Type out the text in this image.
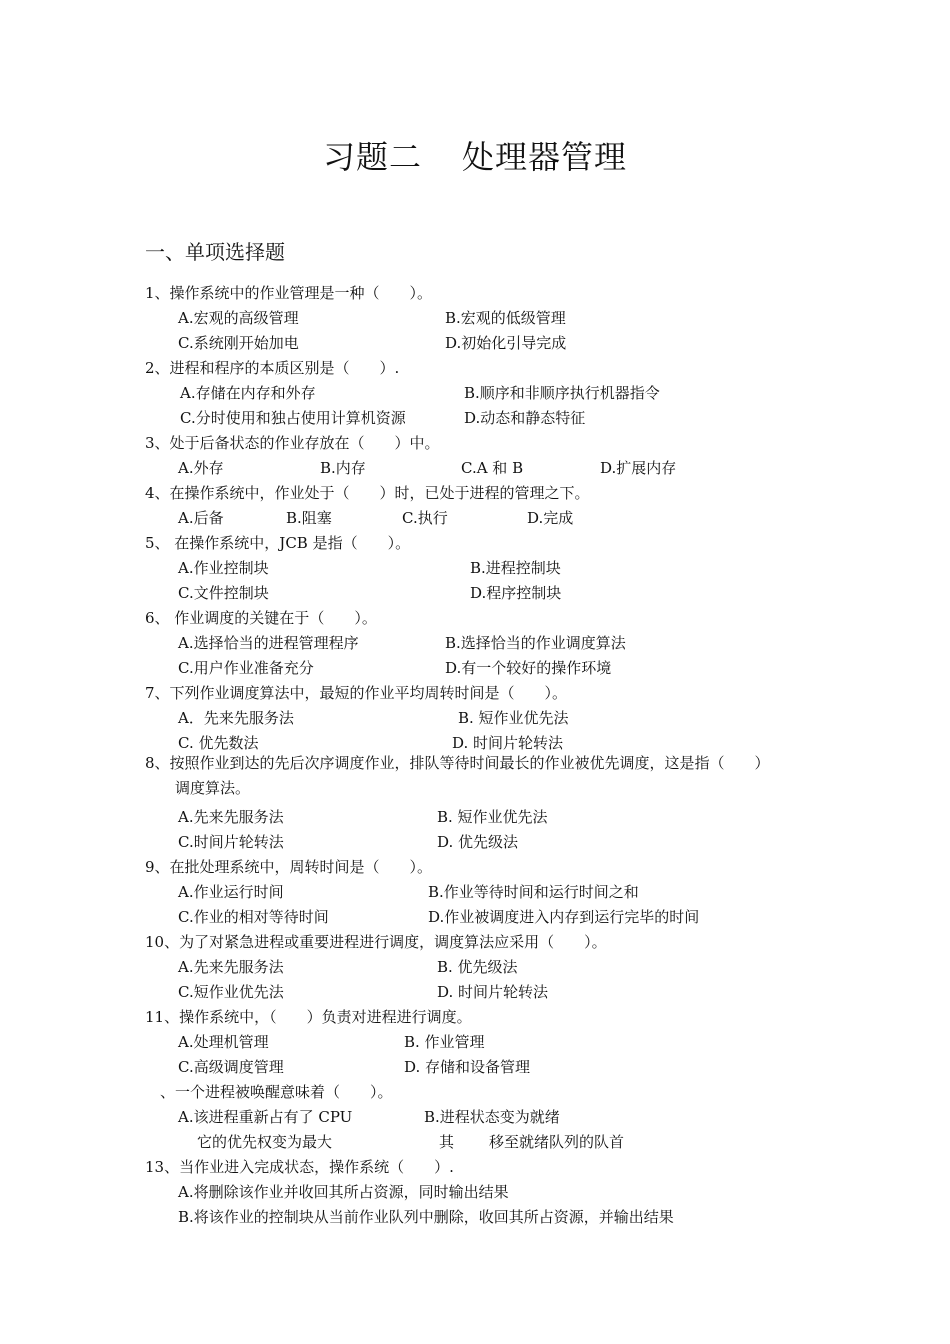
习题二 处理器管理
一、单项选择题
1、操作系统中的作业管理是一种（　　）。
A.宏观的高级管理	B.宏观的低级管理
C.系统刚开始加电	D.初始化引导完成
2、进程和程序的本质区别是（　　）.
A.存储在内存和外存	B.顺序和非顺序执行机器指令
C.分时使用和独占使用计算机资源	D.动态和静态特征
3、处于后备状态的作业存放在（　　）中。
A.外存	B.内存	C.A 和 B	D.扩展内存
4、在操作系统中，作业处于（　　）时，已处于进程的管理之下。
A.后备	B.阻塞	C.执行	D.完成
5、 在操作系统中，JCB 是指（　　）。
A.作业控制块	B.进程控制块
C.文件控制块	D.程序控制块
6、 作业调度的关键在于（　　）。
A.选择恰当的进程管理程序	B.选择恰当的作业调度算法
C.用户作业准备充分	D.有一个较好的操作环境
7、下列作业调度算法中，最短的作业平均周转时间是（　　）。
A．先来先服务法	B. 短作业优先法
C. 优先数法	D. 时间片轮转法
8、按照作业到达的先后次序调度作业，排队等待时间最长的作业被优先调度，这是指（　　）
调度算法。
A.先来先服务法	B. 短作业优先法
C.时间片轮转法	D. 优先级法
9、在批处理系统中，周转时间是（　　）。
A.作业运行时间	B.作业等待时间和运行时间之和
C.作业的相对等待时间	D.作业被调度进入内存到运行完毕的时间
10、为了对紧急进程或重要进程进行调度，调度算法应采用（　　）。
A.先来先服务法	B. 优先级法
C.短作业优先法	D. 时间片轮转法
11、操作系统中，（　　）负责对进程进行调度。
A.处理机管理	B. 作业管理
C.高级调度管理	D. 存储和设备管理
、一个进程被唤醒意味着（　　）。
A.该进程重新占有了 CPU	B.进程状态变为就绪
它的优先权变为最大	其 移至就绪队列的队首
13、当作业进入完成状态，操作系统（　　）.
A.将删除该作业并收回其所占资源，同时输出结果
B.将该作业的控制块从当前作业队列中删除，收回其所占资源，并输出结果
